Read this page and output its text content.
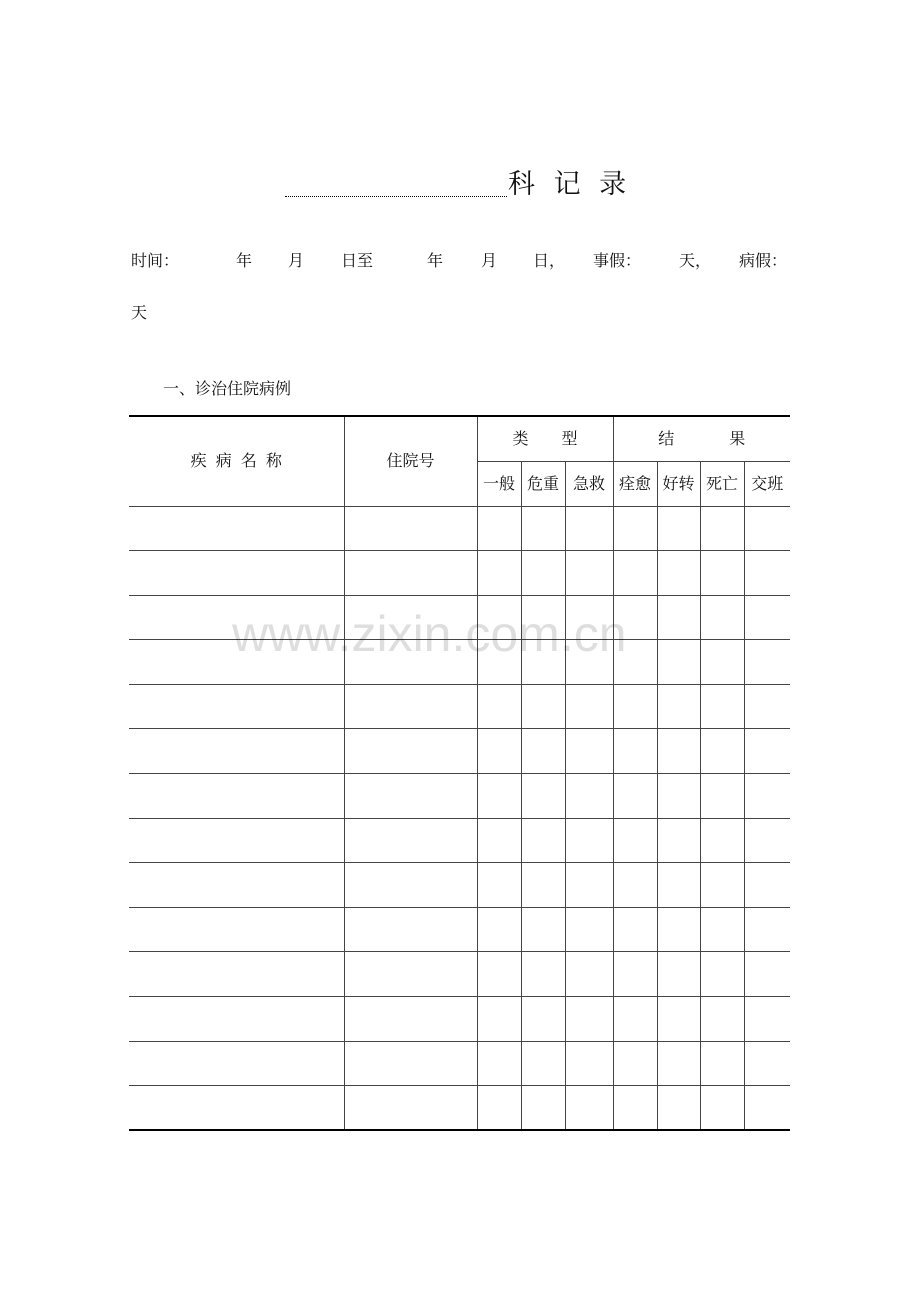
科 记 录
时间：	年 月 日至	年 月 日， 事假： 天， 病假：
天
一、诊治住院病例
疾 病 名 称	住院号	类 型			结 果			
		一般	危重	急救	痊愈	好转	死亡	交班

www.zixin.com.cn
